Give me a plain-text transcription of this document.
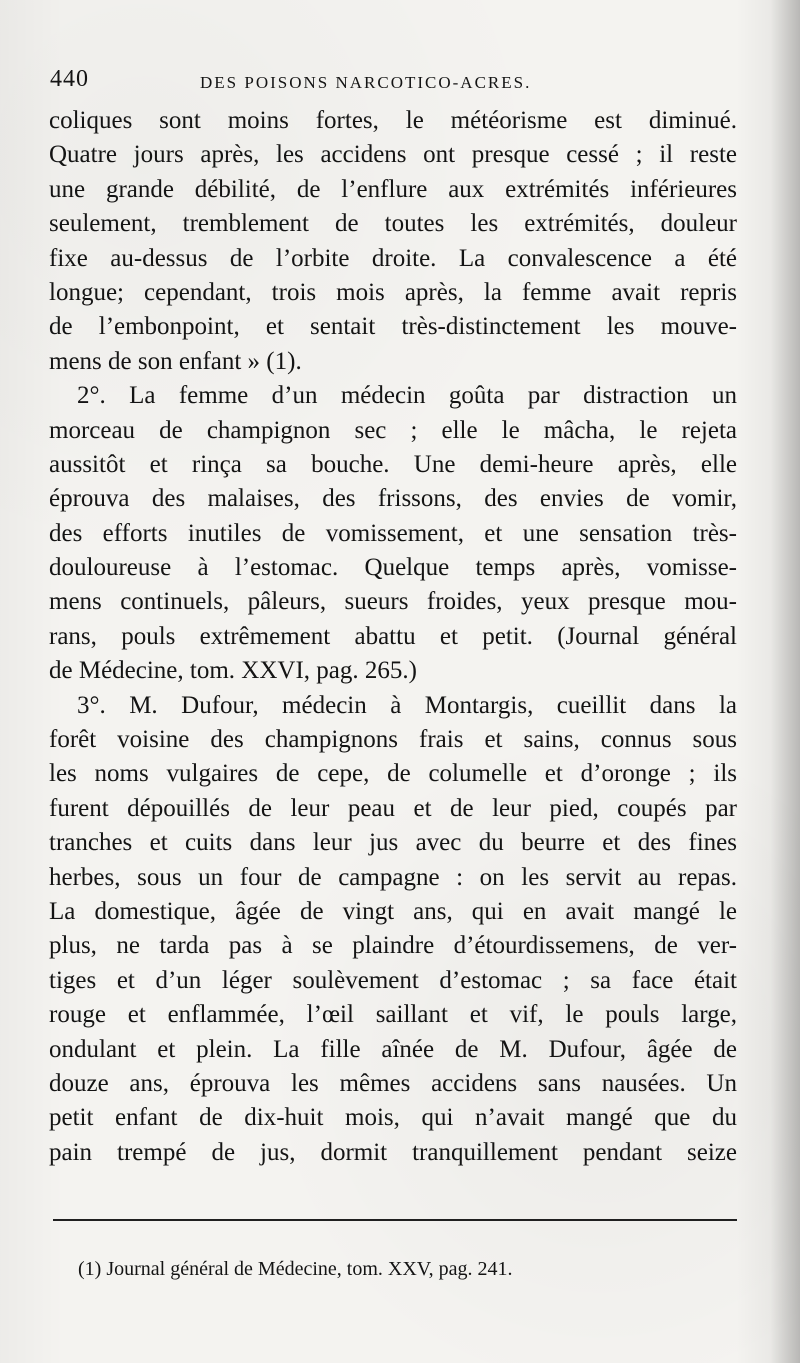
440	DES POISONS NARCOTICO-ACRES.
coliques sont moins fortes, le météorisme est diminué.
Quatre jours après, les accidens ont presque cessé ; il reste
une grande débilité, de l’enflure aux extrémités inférieures
seulement, tremblement de toutes les extrémités, douleur
fixe au-dessus de l’orbite droite. La convalescence a été
longue; cependant, trois mois après, la femme avait repris
de l’embonpoint, et sentait très-distinctement les mouve-
mens de son enfant » (1).
2°. La femme d’un médecin goûta par distraction un
morceau de champignon sec ; elle le mâcha, le rejeta
aussitôt et rinça sa bouche. Une demi-heure après, elle
éprouva des malaises, des frissons, des envies de vomir,
des efforts inutiles de vomissement, et une sensation très-
douloureuse à l’estomac. Quelque temps après, vomisse-
mens continuels, pâleurs, sueurs froides, yeux presque mou-
rans, pouls extrêmement abattu et petit. (Journal général
de Médecine, tom. XXVI, pag. 265.)
3°. M. Dufour, médecin à Montargis, cueillit dans la
forêt voisine des champignons frais et sains, connus sous
les noms vulgaires de cepe, de columelle et d’oronge ; ils
furent dépouillés de leur peau et de leur pied, coupés par
tranches et cuits dans leur jus avec du beurre et des fines
herbes, sous un four de campagne : on les servit au repas.
La domestique, âgée de vingt ans, qui en avait mangé le
plus, ne tarda pas à se plaindre d’étourdissemens, de ver-
tiges et d’un léger soulèvement d’estomac ; sa face était
rouge et enflammée, l’œil saillant et vif, le pouls large,
ondulant et plein. La fille aînée de M. Dufour, âgée de
douze ans, éprouva les mêmes accidens sans nausées. Un
petit enfant de dix-huit mois, qui n’avait mangé que du
pain trempé de jus, dormit tranquillement pendant seize
(1) Journal général de Médecine, tom. XXV, pag. 241.
